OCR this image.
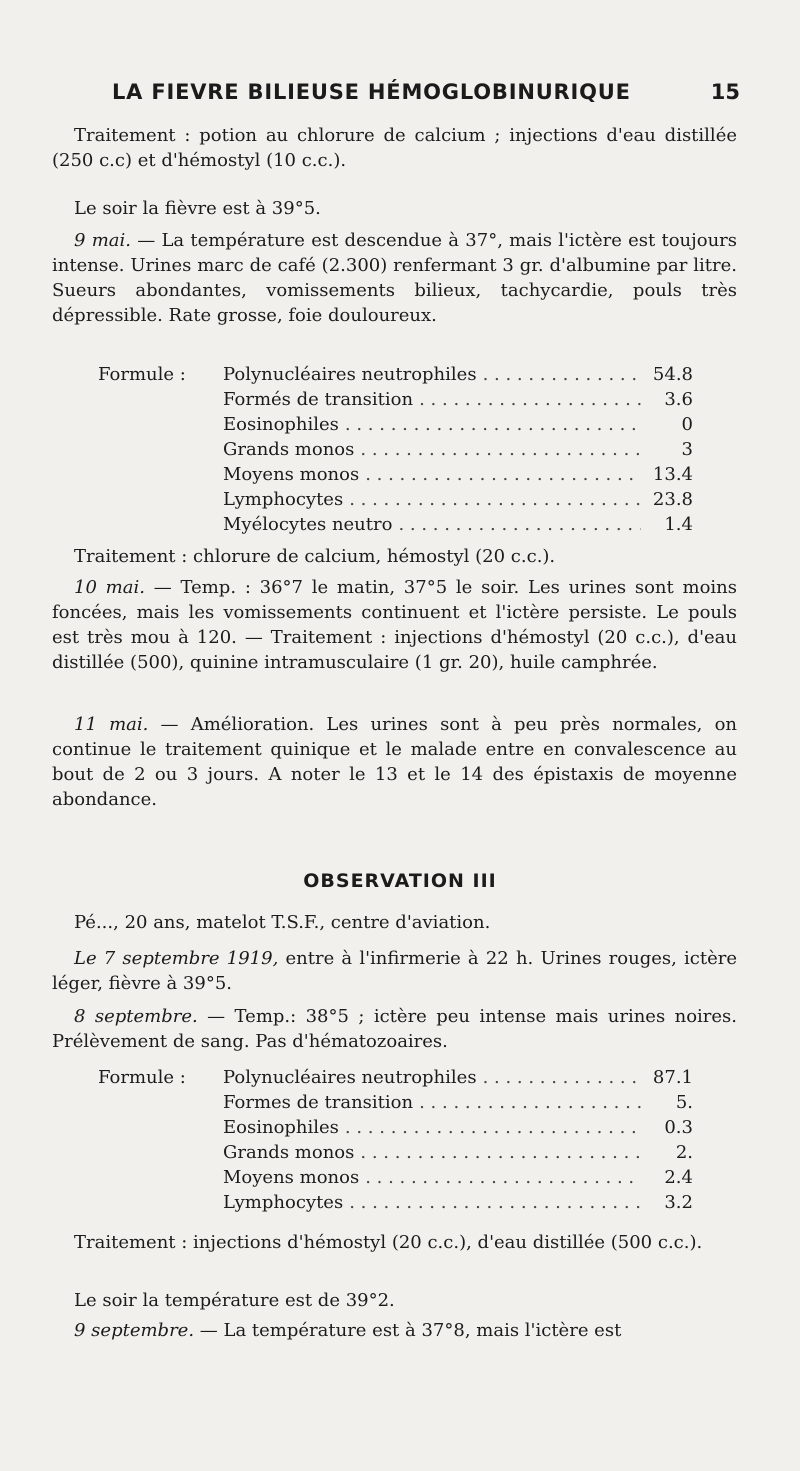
LA FIEVRE BILIEUSE HÉMOGLOBINURIQUE	15

Traitement : potion au chlorure de calcium ; injections d'eau distillée (250 c.c) et d'hémostyl (10 c.c.).

Le soir la fièvre est à 39°5.

9 mai. — La température est descendue à 37°, mais l'ictère est toujours intense. Urines marc de café (2.300) renfermant 3 gr. d'albumine par litre. Sueurs abondantes, vomissements bilieux, tachycardie, pouls très dépressible. Rate grosse, foie douloureux.

Formule : Polynucléaires neutrophiles . . .	54.8
Formés de transition . . .	3.6
Eosinophiles . . .	0
Grands monos . . .	3
Moyens monos . . .	13.4
Lymphocytes . . .	23.8
Myélocytes neutro . . .	1.4

Traitement : chlorure de calcium, hémostyl (20 c.c.).

10 mai. — Temp. : 36°7 le matin, 37°5 le soir. Les urines sont moins foncées, mais les vomissements continuent et l'ictère persiste. Le pouls est très mou à 120. — Traitement : injections d'hémostyl (20 c.c.), d'eau distillée (500), quinine intramusculaire (1 gr. 20), huile camphrée.

11 mai. — Amélioration. Les urines sont à peu près normales, on continue le traitement quinique et le malade entre en convalescence au bout de 2 ou 3 jours. A noter le 13 et le 14 des épistaxis de moyenne abondance.

OBSERVATION III

Pé..., 20 ans, matelot T.S.F., centre d'aviation.

Le 7 septembre 1919, entre à l'infirmerie à 22 h. Urines rouges, ictère léger, fièvre à 39°5.

8 septembre. — Temp.: 38°5 ; ictère peu intense mais urines noires. Prélèvement de sang. Pas d'hématozoaires.

Formule : Polynucléaires neutrophiles . . .	87.1
Formes de transition . . .	5.
Eosinophiles . . .	0.3
Grands monos . . .	2.
Moyens monos . . .	2.4
Lymphocytes . . .	3.2

Traitement : injections d'hémostyl (20 c.c.), d'eau distillée (500 c.c.).

Le soir la température est de 39°2.

9 septembre. — La température est à 37°8, mais l'ictère est
